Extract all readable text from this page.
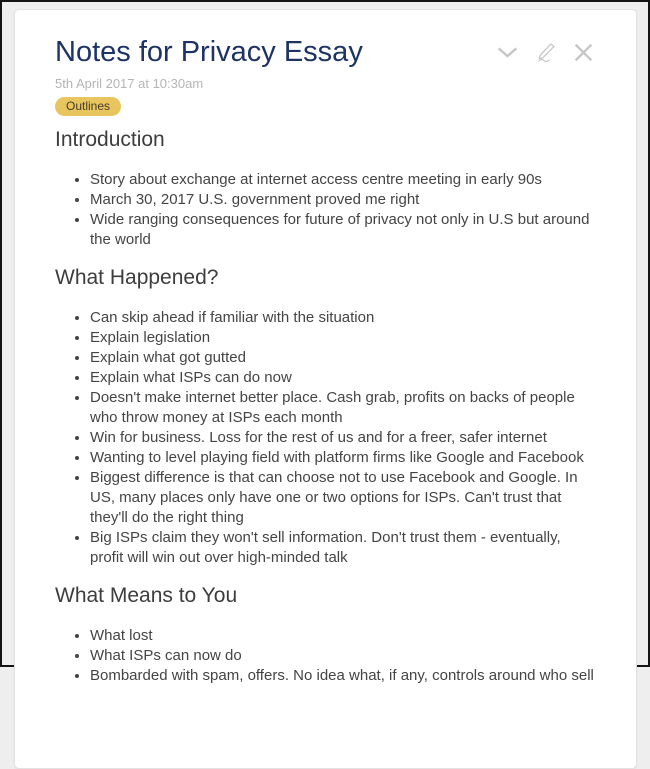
Notes for Privacy Essay
5th April 2017 at 10:30am
Outlines
Introduction
• Story about exchange at internet access centre meeting in early 90s
• March 30, 2017 U.S. government proved me right
• Wide ranging consequences for future of privacy not only in U.S but around the world
What Happened?
• Can skip ahead if familiar with the situation
• Explain legislation
• Explain what got gutted
• Explain what ISPs can do now
• Doesn't make internet better place. Cash grab, profits on backs of people who throw money at ISPs each month
• Win for business. Loss for the rest of us and for a freer, safer internet
• Wanting to level playing field with platform firms like Google and Facebook
• Biggest difference is that can choose not to use Facebook and Google. In US, many places only have one or two options for ISPs. Can't trust that they'll do the right thing
• Big ISPs claim they won't sell information. Don't trust them - eventually, profit will win out over high-minded talk
What Means to You
• What lost
• What ISPs can now do
• Bombarded with spam, offers. No idea what, if any, controls around who sell
